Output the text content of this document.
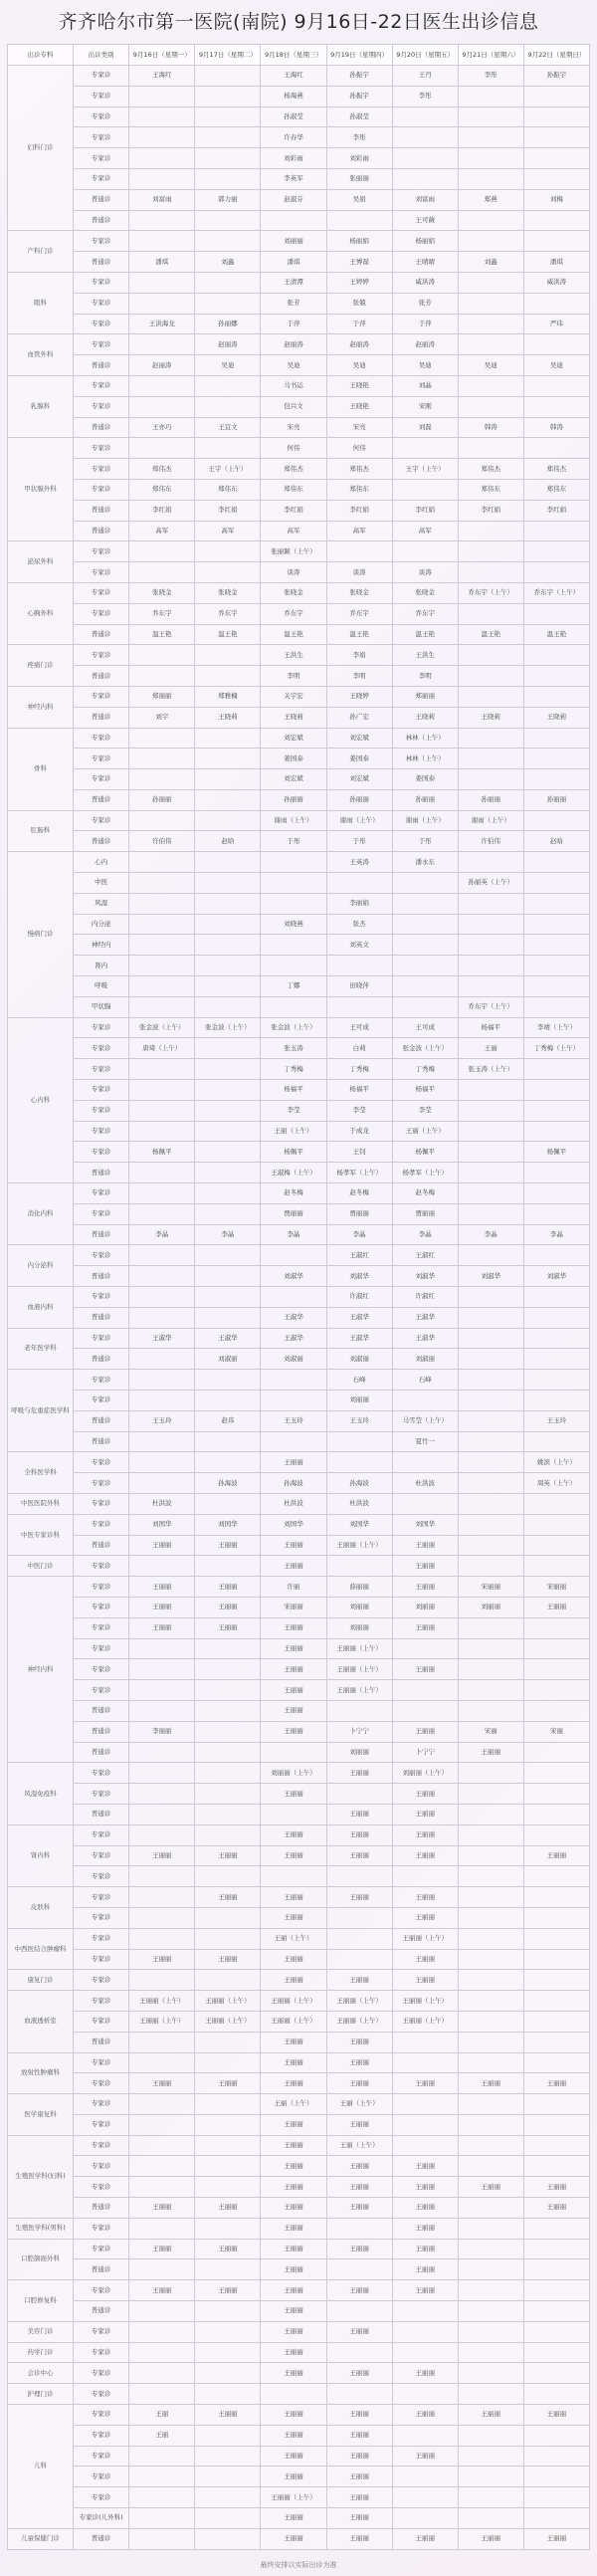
齐齐哈尔市第一医院(南院) 9月16日-22日医生出诊信息
出诊专科	出诊类别	9月16日（星期一）	9月17日（星期二）	9月18日（星期三）	9月19日（星期四）	9月20日（星期五）	9月21日（星期六）	9月22日（星期日）
妇科门诊	专家诊	王海红		王海红	孙振宇	王丹	李彤	孙振宇
	专家诊			杨海燕	孙振宇	李彤		
	专家诊			孙淑莹	孙淑莹			
	专家诊			许春华	李彤			
	专家诊			刘彩雨	刘彩雨			
	专家诊			李英军	张丽丽			
	普通诊	刘富雨	郭力丽	赵淑芬	吴娟	刘富雨	郑燕	刘梅
	普通诊					王可薇		
产科门诊	专家诊			刘丽丽	杨丽娟	杨丽娟		
	普通诊	潘琪	刘鑫	潘琪	王博磊	王晴晴	刘鑫	潘琪
眼科	专家诊			王清潭	王婷婷	威洪涛		威洪涛
	专家诊			张芳	张兢	张芳		
	专家诊	王洪海龙	孙丽娜	于萍	于萍	于萍		严玮
血管外科	专家诊		赵丽涛	赵丽涛	赵丽涛	赵丽涛		
	普通诊	赵丽涛	吴迪	吴迪	吴迪	吴迪	吴迪	吴迪
乳腺科	专家诊			马书运	王晓艳	刘晶		
	专家诊			包兴文	王晓艳	宋刚		
	普通诊	王亦巧	王宜文	宋亮	宋亮	刘磊	韩涛	韩涛
甲状腺外科	专家诊			何伟	何伟			
	专家诊	郑伟杰	王宇（上午）	郑伟杰	郑伟杰	王宇（上午）	郑伟杰	郑伟杰
	专家诊	郑伟东	郑伟东	郑伟东	郑伟东		郑伟东	郑伟东
	普通诊	李红娟	李红娟	李红娟	李红娟	李红娟	李红娟	李红娟
	普通诊	高军	高军	高军	高军	高军		
泌尿外科	专家诊			张丽颖（上午）				
	专家诊			谈涛	谈涛	谈涛		
心胸外科	专家诊	张晓金	张晓金	张晓金	张晓金	张晓金	乔东宇（上午）	乔东宇（上午）
	专家诊	乔东宇	乔东宇	乔东宇	乔东宇	乔东宇		
	普通诊	温王艳	温王艳	温王艳	温王艳	温王艳	温王艳	温王艳
疼痛门诊	专家诊			王洪生	李娟	王洪生		
	普通诊			李明	李明	李明		
神经内科	专家诊	郑丽丽	郑雅楠	关宇宏	王晓婷	郑丽丽		
	普通诊	刘宇	王晓莉	王晓莉	孙广宏	王晓莉	王晓莉	王晓莉
骨科	专家诊			刘宏斌	刘宏斌	林林（上午）		
	专家诊			姜国泰	姜国泰	林林（上午）		
	专家诊			刘宏斌	刘宏斌	姜国泰		
	普通诊	孙丽丽		孙丽丽	孙丽丽	孙丽丽	孙丽丽	孙丽丽
肛肠科	专家诊			谢雨（上午）	谢雨（上午）	谢雨（上午）	谢雨（上午）	
	普通诊	许伯伟	赵晗	于彤	于彤	于彤	许伯伟	赵晗
慢病门诊	心内				王英涛	潘永东		
	中医						孙丽英（上午）	
	风湿				李丽娟			
	内分泌			刘晓燕	张杰			
	神经内				刘英文			
	肾内							
	呼吸			丁娜	田晓萍			
	甲状腺						乔东宇（上午）	
心内科	专家诊	张金波（上午）	张金波（上午）	张金波（上午）	王可成	王可成	杨福平	李靖（上午）
	专家诊	唐琦（上午）		张玉涛	白莉	张金波（上午）	王丽	丁秀梅（上午）
	专家诊			丁秀梅	丁秀梅	丁秀梅	张玉涛（上午）	
	专家诊			杨福平	杨福平	杨福平		
	专家诊			李莹	李莹	李莹		
	专家诊			王丽（上午）	于成龙	王丽（上午）		
	专家诊	杨佩平		杨佩平	王钊	杨佩平		杨佩平
	普通诊			王淑梅（上午）	杨孝军（上午）	杨孝军（上午）		
消化内科	专家诊			赵冬梅	赵冬梅	赵冬梅		
	专家诊			贾丽丽	贾丽丽	贾丽丽		
	普通诊	李晶	李晶	李晶	李晶	李晶	李晶	李晶
内分泌科	专家诊				王淑红	王淑红		
	普通诊			刘淑华	刘淑华	刘淑华	刘淑华	刘淑华
血液内科	专家诊				许淑红	许淑红		
	普通诊			王淑华	王淑华	王淑华		
老年医学科	专家诊	王淑华	王淑华	王淑华	王淑华	王淑华		
	普通诊		刘淑丽	刘淑丽	刘淑丽	刘淑丽		
呼吸与危重症医学科	专家诊				石峰	石峰		
	专家诊				刘丽丽			
	普通诊	王玉玲	赵玮	王玉玲	王玉玲	马雪莹（上午）		王玉玲
	普通诊					夏竹一		
全科医学科	专家诊			王丽丽				姚滨（上午）
	专家诊		孙海波	孙海波	孙海波	杜洪波		周英（上午）
中医医院外科	专家诊	杜洪波		杜洪波	杜洪波			
中医专家诊科	专家诊	刘国华	刘国华	刘国华	刘国华	刘国华		
	普通诊	王丽丽	王丽丽	王丽丽	王丽丽（上午）	王丽丽		
中医门诊	专家诊			王丽丽		王丽丽		
神经内科	专家诊	王丽丽	王丽丽	许丽	薛丽丽	王丽丽	宋丽丽	宋丽丽
	专家诊	王丽丽	王丽丽	宋丽丽	刘丽丽	刘丽丽	刘丽丽	王丽丽
	专家诊	王丽丽	王丽丽	王丽丽	刘丽丽	王丽丽		
	专家诊			王丽丽	王丽丽（上午）			
	专家诊			王丽丽	王丽丽（上午）	王丽丽		
	专家诊			王丽丽	王丽丽（上午）			
	普通诊			王丽丽				
	普通诊	李丽丽		王丽丽	卜宁宁	王丽丽	宋丽	宋丽
	普通诊				刘丽丽	卜宁宁	王丽丽	
风湿免疫科	专家诊			刘丽丽（上午）	王丽丽	刘丽丽（上午）		
	专家诊			王丽丽		王丽丽		
	普通诊				王丽丽	王丽丽		
肾内科	专家诊			王丽丽	王丽丽	王丽丽		
	专家诊	王丽丽	王丽丽	王丽丽	王丽丽	王丽丽		王丽丽
	专家诊							
皮肤科	专家诊		王丽丽	王丽丽	王丽丽	王丽丽		
	专家诊			王丽丽		王丽丽		
中西医结合肿瘤科	专家诊			王丽（上午）		王丽丽（上午）		
	专家诊	王丽丽	王丽丽	王丽丽		王丽丽		
康复门诊	专家诊			王丽丽	王丽丽	王丽丽		
血液透析室	专家诊	王丽丽（上午）	王丽丽（上午）	王丽丽（上午）	王丽丽（上午）	王丽丽（上午）		
	专家诊	王丽丽（上午）	王丽丽（上午）	王丽丽（上午）	王丽丽（上午）	王丽丽（上午）		
	普通诊			王丽丽	王丽丽			
放射性肿瘤科	专家诊			王丽丽	王丽丽			
	专家诊	王丽丽	王丽丽	王丽丽	王丽丽	王丽丽	王丽丽	王丽丽
医学康复科	专家诊			王丽（上午）	王丽（上午）			
	专家诊			王丽丽	王丽丽			
生殖医学科(妇科)	专家诊			王丽丽	王丽（上午）			
	专家诊			王丽丽	王丽丽	王丽丽		
	专家诊			王丽丽	王丽丽	王丽丽	王丽丽	王丽丽
	普通诊	王丽丽	王丽丽	王丽丽	王丽丽	王丽丽		王丽丽
生殖医学科(男科)	专家诊			王丽丽		王丽丽		
口腔颌面外科	专家诊	王丽丽	王丽丽	王丽丽	王丽丽	王丽丽		
	普通诊			王丽丽		王丽丽		
口腔修复科	专家诊	王丽丽	王丽丽	王丽丽	王丽丽	王丽丽		
	普通诊			王丽丽				
美容门诊	专家诊			王丽丽	王丽丽			
药学门诊	专家诊			王丽丽				
会诊中心	专家诊			王丽丽	王丽丽	王丽丽		
护理门诊	专家诊							
儿科	专家诊	王丽	王丽丽	王丽丽	王丽丽	王丽丽	王丽丽	王丽丽
	专家诊	王丽		王丽丽	王丽丽			
	专家诊			王丽丽	王丽丽	王丽丽		
	专家诊			王丽丽	王丽丽			
	专家诊			王丽丽（上午）	王丽丽			
	专家诊(儿外科)			王丽丽	王丽丽			
儿童保健门诊	普通诊			王丽丽	王丽丽	王丽丽	王丽丽	王丽丽
最终安排以实际出诊为准
